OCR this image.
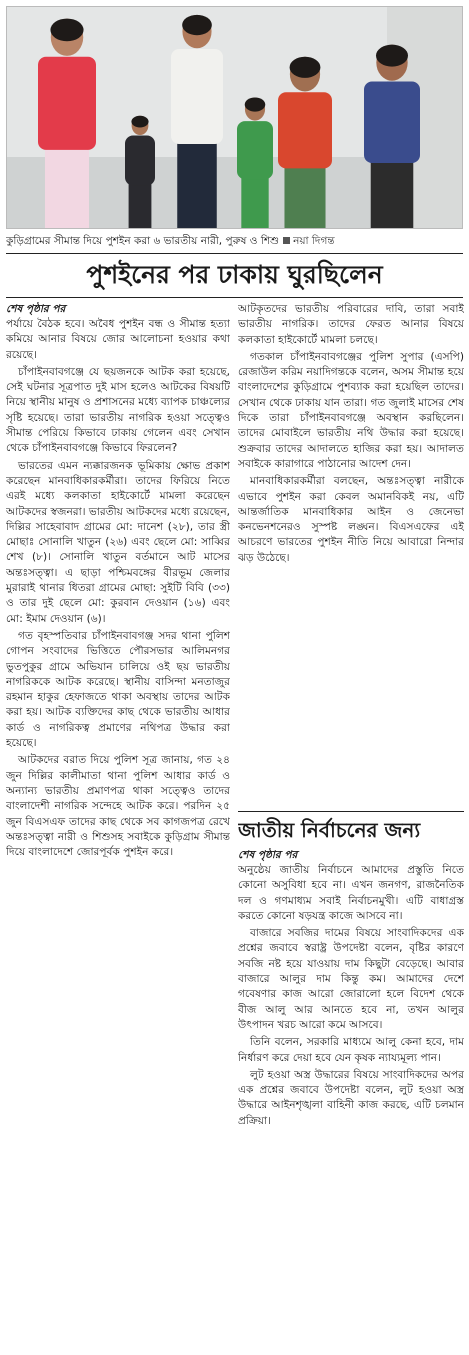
কুড়িগ্রামের সীমান্ত দিয়ে পুশইন করা ৬ ভারতীয় নারী, পুরুষ ও শিশু নয়া দিগন্ত
পুশইনের পর ঢাকায় ঘুরছিলেন
শেষ পৃষ্ঠার পর

পর্যায়ে বৈঠক হবে। অবৈধ পুশইন বন্ধ ও সীমান্ত হত্যা কমিয়ে আনার বিষয়ে জোর আলোচনা হওয়ার কথা রয়েছে।

চাঁপাইনবাবগঞ্জে যে ছয়জনকে আটক করা হয়েছে, সেই ঘটনার সূত্রপাত দুই মাস হলেও আটকের বিষয়টি নিয়ে স্থানীয় মানুষ ও প্রশাসনের মধ্যে ব্যাপক চাঞ্চল্যের সৃষ্টি হয়েছে। তারা ভারতীয় নাগরিক হওয়া সত্ত্বেও সীমান্ত পেরিয়ে কিভাবে ঢাকায় গেলেন এবং সেখান থেকে চাঁপাইনবাবগঞ্জে কিভাবে ফিরলেন?

ভারতের এমন ন্যক্কারজনক ভূমিকায় ক্ষোভ প্রকাশ করেছেন মানবাধিকারকর্মীরা। তাদের ফিরিয়ে নিতে এরই মধ্যে কলকাতা হাইকোর্টে মামলা করেছেন আটকদের স্বজনরা। ভারতীয় আটকদের মধ্যে রয়েছেন, দিল্লির সাহেবাবাদ গ্রামের মো: দানেশ (২৮), তার স্ত্রী মোছাঃ সোনালি খাতুন (২৬) এবং ছেলে মো: সাব্বির শেখ (৮)। সোনালি খাতুন বর্তমানে আট মাসের অন্তঃসত্ত্বা। এ ছাড়া পশ্চিমবঙ্গের বীরভূম জেলার মুরারাই থানার ধিতরা গ্রামের মোছা: সুইটি বিবি (৩৩) ও তার দুই ছেলে মো: কুরবান দেওয়ান (১৬) এবং মো: ইমাম দেওয়ান (৬)।

গত বৃহস্পতিবার চাঁপাইনবাবগঞ্জ সদর থানা পুলিশ গোপন সংবাদের ভিত্তিতে পৌরসভার আলিমনগর ভুতপুকুর গ্রামে অভিযান চালিয়ে ওই ছয় ভারতীয় নাগরিককে আটক করেছে। স্থানীয় বাসিন্দা মনতাজুর রহমান হাকুর হেফাজতে থাকা অবস্থায় তাদের আটক করা হয়। আটক ব্যক্তিদের কাছ থেকে ভারতীয় আধার কার্ড ও নাগরিকত্ব প্রমাণের নথিপত্র উদ্ধার করা হয়েছে।

আটকদের বরাত দিয়ে পুলিশ সূত্র জানায়, গত ২৪ জুন দিল্লির কালীমাতা থানা পুলিশ আধার কার্ড ও অন্যান্য ভারতীয় প্রমাণপত্র থাকা সত্ত্বেও তাদের বাংলাদেশী নাগরিক সন্দেহে আটক করে। পরদিন ২৫ জুন বিএসএফ তাদের কাছ থেকে সব কাগজপত্র রেখে অন্তঃসত্ত্বা নারী ও শিশুসহ সবাইকে কুড়িগ্রাম সীমান্ত দিয়ে বাংলাদেশে জোরপূর্বক পুশইন করে।

আটকৃতদের ভারতীয় পরিবারের দাবি, তারা সবাই ভারতীয় নাগরিক। তাদের ফেরত আনার বিষয়ে কলকাতা হাইকোর্টে মামলা চলছে।

গতকাল চাঁপাইনবাবগঞ্জের পুলিশ সুপার (এসপি) রেজাউল করিম নয়াদিগন্তকে বলেন, অসম সীমান্ত হয়ে বাংলাদেশের কুড়িগ্রামে পুশব্যাক করা হয়েছিল তাদের। সেখান থেকে ঢাকায় যান তারা। গত জুলাই মাসের শেষ দিকে তারা চাঁপাইনবাবগঞ্জে অবস্থান করছিলেন। তাদের মোবাইলে ভারতীয় নথি উদ্ধার করা হয়েছে। শুক্রবার তাদের আদালতে হাজির করা হয়। আদালত সবাইকে কারাগারে পাঠানোর আদেশ দেন।

মানবাধিকারকর্মীরা বলছেন, অন্তঃসত্ত্বা নারীকে এভাবে পুশইন করা কেবল অমানবিকই নয়, এটি আন্তর্জাতিক মানবাধিকার আইন ও জেনেভা কনভেনশনেরও সুস্পষ্ট লঙ্ঘন। বিএসএফের এই আচরণে ভারতের পুশইন নীতি নিয়ে আবারো নিন্দার ঝড় উঠেছে।

জাতীয় নির্বাচনের জন্য
শেষ পৃষ্ঠার পর

অনুষ্ঠেয় জাতীয় নির্বাচনে আমাদের প্রস্তুতি নিতে কোনো অসুবিধা হবে না। এখন জনগণ, রাজনৈতিক দল ও গণমাধ্যম সবাই নির্বাচনমুখী। এটি বাধাগ্রস্ত করতে কোনো ষড়যন্ত্র কাজে আসবে না।

বাজারে সবজির দামের বিষয়ে সাংবাদিকদের এক প্রশ্নের জবাবে স্বরাষ্ট্র উপদেষ্টা বলেন, বৃষ্টির কারণে সবজি নষ্ট হয়ে যাওয়ায় দাম কিছুটা বেড়েছে। আবার বাজারে আলুর দাম কিন্তু কম। আমাদের দেশে গবেষণার কাজ আরো জোরালো হলে বিদেশ থেকে বীজ আলু আর আনতে হবে না, তখন আলুর উৎপাদন খরচ আরো কমে আসবে।

তিনি বলেন, সরকারি মাধ্যমে আলু কেনা হবে, দাম নির্ধারণ করে দেয়া হবে যেন কৃষক ন্যায্যমূল্য পান।

লুট হওয়া অস্ত্র উদ্ধারের বিষয়ে সাংবাদিকদের অপর এক প্রশ্নের জবাবে উপদেষ্টা বলেন, লুট হওয়া অস্ত্র উদ্ধারে আইনশৃঙ্খলা বাহিনী কাজ করছে, এটি চলমান প্রক্রিয়া।
